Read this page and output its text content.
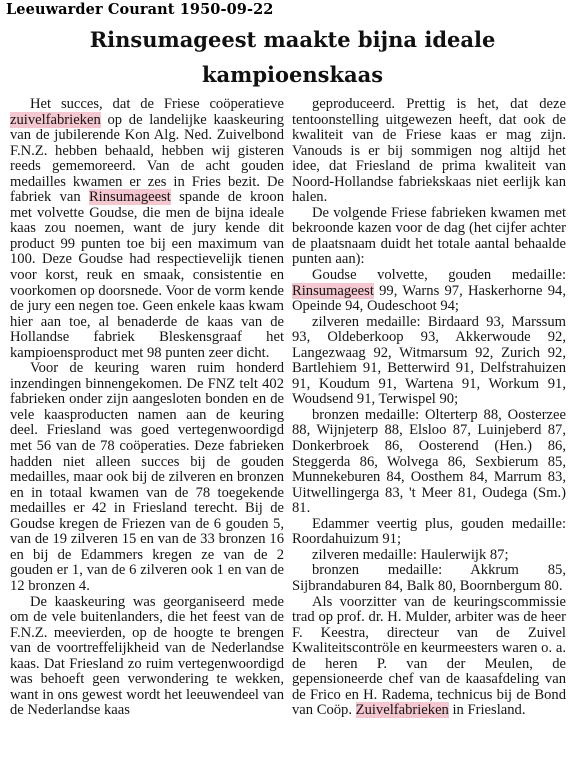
Leeuwarder Courant 1950-09-22
Rinsumageest maakte bijna ideale
kampioenskaas

Het succes, dat de Friese coöperatieve zuivelfabrieken op de landelijke kaaskeuring van de jubilerende Kon Alg. Ned. Zuivelbond F.N.Z. hebben behaald, hebben wij gisteren reeds gememoreerd. Van de acht gouden medailles kwamen er zes in Fries bezit. De fabriek van Rinsumageest spande de kroon met volvette Goudse, die men de bijna ideale kaas zou noemen, want de jury kende dit product 99 punten toe bij een maximum van 100. Deze Goudse had respectievelijk tienen voor korst, reuk en smaak, consistentie en voorkomen op doorsnede. Voor de vorm kende de jury een negen toe. Geen enkele kaas kwam hier aan toe, al benaderde de kaas van de Hollandse fabriek Bleskensgraaf het kampioensproduct met 98 punten zeer dicht.

Voor de keuring waren ruim honderd inzendingen binnengekomen. De FNZ telt 402 fabrieken onder zijn aangesloten bonden en de vele kaasproducten namen aan de keuring deel. Friesland was goed vertegenwoordigd met 56 van de 78 coöperaties. Deze fabrieken hadden niet alleen succes bij de gouden medailles, maar ook bij de zilveren en bronzen en in totaal kwamen van de 78 toegekende medailles er 42 in Friesland terecht. Bij de Goudse kregen de Friezen van de 6 gouden 5, van de 19 zilveren 15 en van de 33 bronzen 16 en bij de Edammers kregen ze van de 2 gouden er 1, van de 6 zilveren ook 1 en van de 12 bronzen 4.

De kaaskeuring was georganiseerd mede om de vele buitenlanders, die het feest van de F.N.Z. meevierden, op de hoogte te brengen van de voortreffelijkheid van de Nederlandse kaas. Dat Friesland zo ruim vertegenwoordigd was behoeft geen verwondering te wekken, want in ons gewest wordt het leeuwendeel van de Nederlandse kaas

geproduceerd. Prettig is het, dat deze tentoonstelling uitgewezen heeft, dat ook de kwaliteit van de Friese kaas er mag zijn. Vanouds is er bij sommigen nog altijd het idee, dat Friesland de prima kwaliteit van Noord-Hollandse fabriekskaas niet eerlijk kan halen.

De volgende Friese fabrieken kwamen met bekroonde kazen voor de dag (het cijfer achter de plaatsnaam duidt het totale aantal behaalde punten aan):

Goudse volvette, gouden medaille: Rinsumageest 99, Warns 97, Haskerhorne 94, Opeinde 94, Oudeschoot 94;

zilveren medaille: Birdaard 93, Marssum 93, Oldeberkoop 93, Akkerwoude 92, Langezwaag 92, Witmarsum 92, Zurich 92, Bartlehiem 91, Betterwird 91, Delfstrahuizen 91, Koudum 91, Wartena 91, Workum 91, Woudsend 91, Terwispel 90;

bronzen medaille: Olterterp 88, Oosterzee 88, Wijnjeterp 88, Elsloo 87, Luinjeberd 87, Donkerbroek 86, Oosterend (Hen.) 86, Steggerda 86, Wolvega 86, Sexbierum 85, Munnekeburen 84, Oosthem 84, Marrum 83, Uitwellingerga 83, 't Meer 81, Oudega (Sm.) 81.

Edammer veertig plus, gouden medaille: Roordahuizum 91;

zilveren medaille: Haulerwijk 87;

bronzen medaille: Akkrum 85, Sijbrandaburen 84, Balk 80, Boornbergum 80.

Als voorzitter van de keuringscommissie trad op prof. dr. H. Mulder, arbiter was de heer F. Keestra, directeur van de Zuivel Kwaliteitscontröle en keurmeesters waren o. a. de heren P. van der Meulen, de gepensioneerde chef van de kaasafdeling van de Frico en H. Radema, technicus bij de Bond van Coöp. Zuivelfabrieken in Friesland.
